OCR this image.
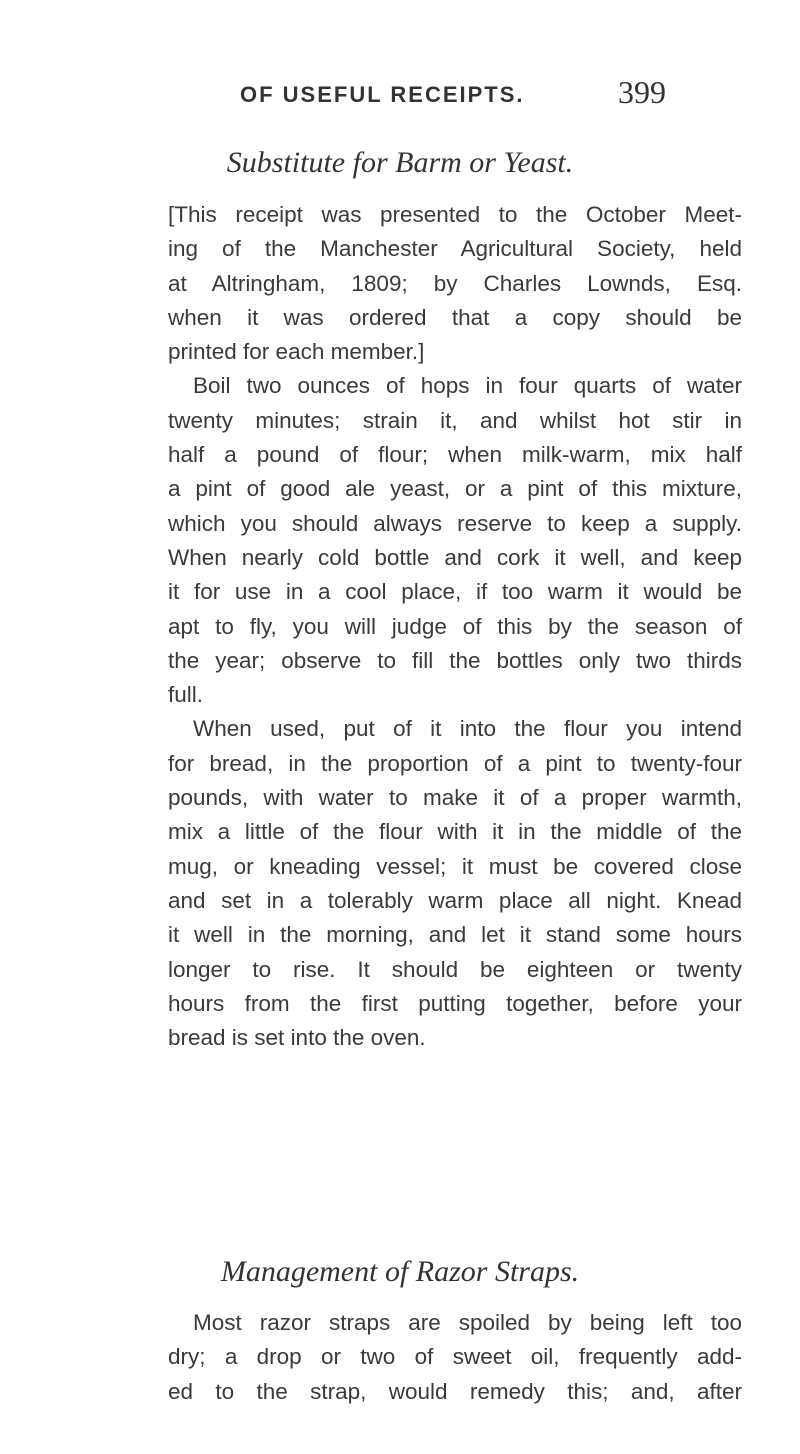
OF USEFUL RECEIPTS.	399
Substitute for Barm or Yeast.

[This receipt was presented to the October Meet-
ing of the Manchester Agricultural Society, held
at Altringham, 1809; by Charles Lownds, Esq.
when it was ordered that a copy should be
printed for each member.]

Boil two ounces of hops in four quarts of water
twenty minutes; strain it, and whilst hot stir in
half a pound of flour; when milk-warm, mix half
a pint of good ale yeast, or a pint of this mixture,
which you should always reserve to keep a supply.
When nearly cold bottle and cork it well, and keep
it for use in a cool place, if too warm it would be
apt to fly, you will judge of this by the season of
the year; observe to fill the bottles only two thirds
full.

When used, put of it into the flour you intend
for bread, in the proportion of a pint to twenty-four
pounds, with water to make it of a proper warmth,
mix a little of the flour with it in the middle of the
mug, or kneading vessel; it must be covered close
and set in a tolerably warm place all night. Knead
it well in the morning, and let it stand some hours
longer to rise. It should be eighteen or twenty
hours from the first putting together, before your
bread is set into the oven.

Management of Razor Straps.

Most razor straps are spoiled by being left too
dry; a drop or two of sweet oil, frequently add-
ed to the strap, would remedy this; and, after
